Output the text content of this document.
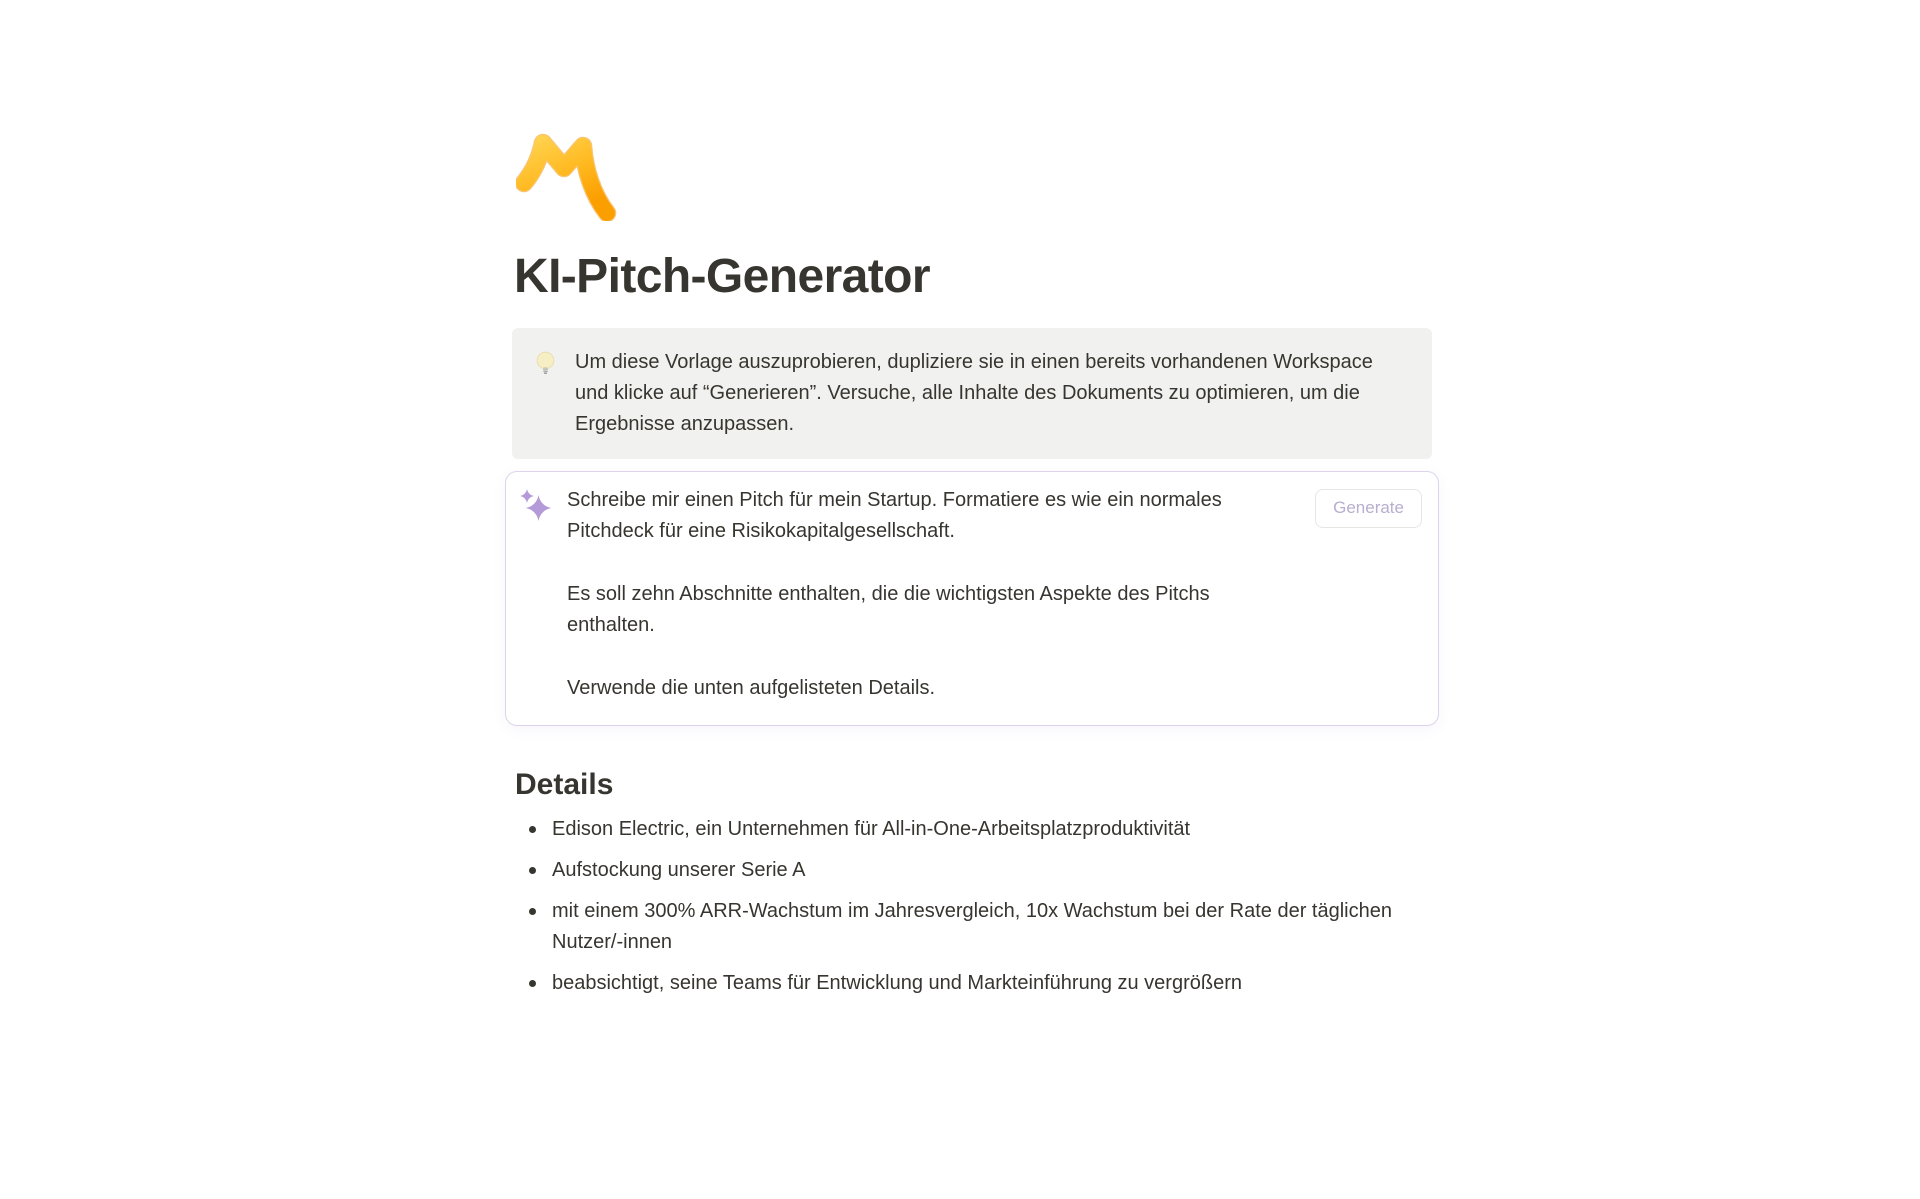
KI-Pitch-Generator

Um diese Vorlage auszuprobieren, dupliziere sie in einen bereits vorhandenen Workspace und klicke auf “Generieren”. Versuche, alle Inhalte des Dokuments zu optimieren, um die Ergebnisse anzupassen.

Schreibe mir einen Pitch für mein Startup. Formatiere es wie ein normales Pitchdeck für eine Risikokapitalgesellschaft.

Es soll zehn Abschnitte enthalten, die die wichtigsten Aspekte des Pitchs enthalten.

Verwende die unten aufgelisteten Details.

Generate
Details
Edison Electric, ein Unternehmen für All-in-One-Arbeitsplatzproduktivität
Aufstockung unserer Serie A
mit einem 300% ARR-Wachstum im Jahresvergleich, 10x Wachstum bei der Rate der täglichen Nutzer/-innen
beabsichtigt, seine Teams für Entwicklung und Markteinführung zu vergrößern
